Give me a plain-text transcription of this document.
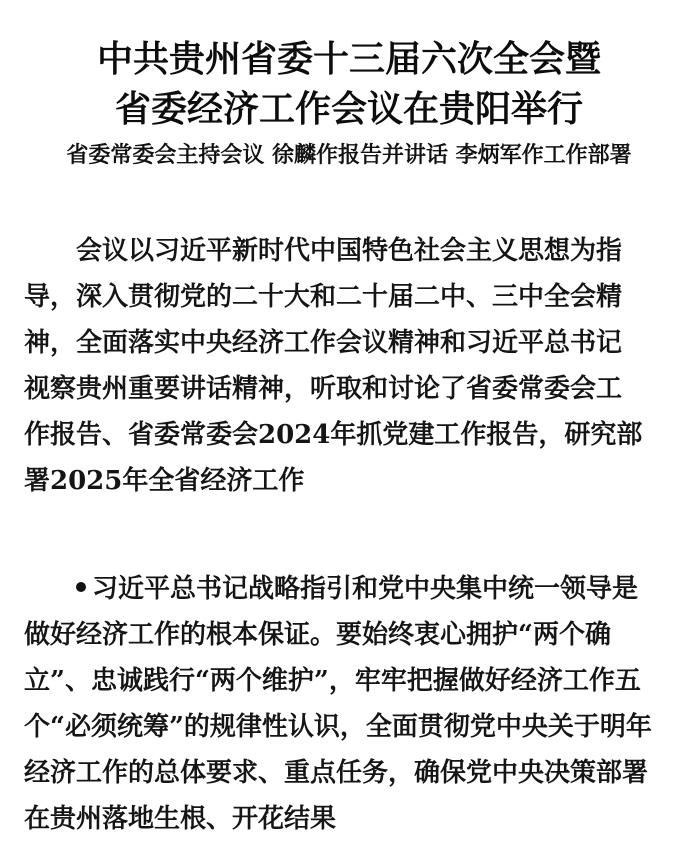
中共贵州省委十三届六次全会暨
省委经济工作会议在贵阳举行
省委常委会主持会议 徐麟作报告并讲话 李炳军作工作部署
会议以习近平新时代中国特色社会主义思想为指
导，深入贯彻党的二十大和二十届二中、三中全会精
神，全面落实中央经济工作会议精神和习近平总书记
视察贵州重要讲话精神，听取和讨论了省委常委会工
作报告、省委常委会2024年抓党建工作报告，研究部
署2025年全省经济工作
习近平总书记战略指引和党中央集中统一领导是
做好经济工作的根本保证。要始终衷心拥护“两个确
立”、忠诚践行“两个维护”，牢牢把握做好经济工作五
个“必须统筹”的规律性认识，全面贯彻党中央关于明年
经济工作的总体要求、重点任务，确保党中央决策部署
在贵州落地生根、开花结果
